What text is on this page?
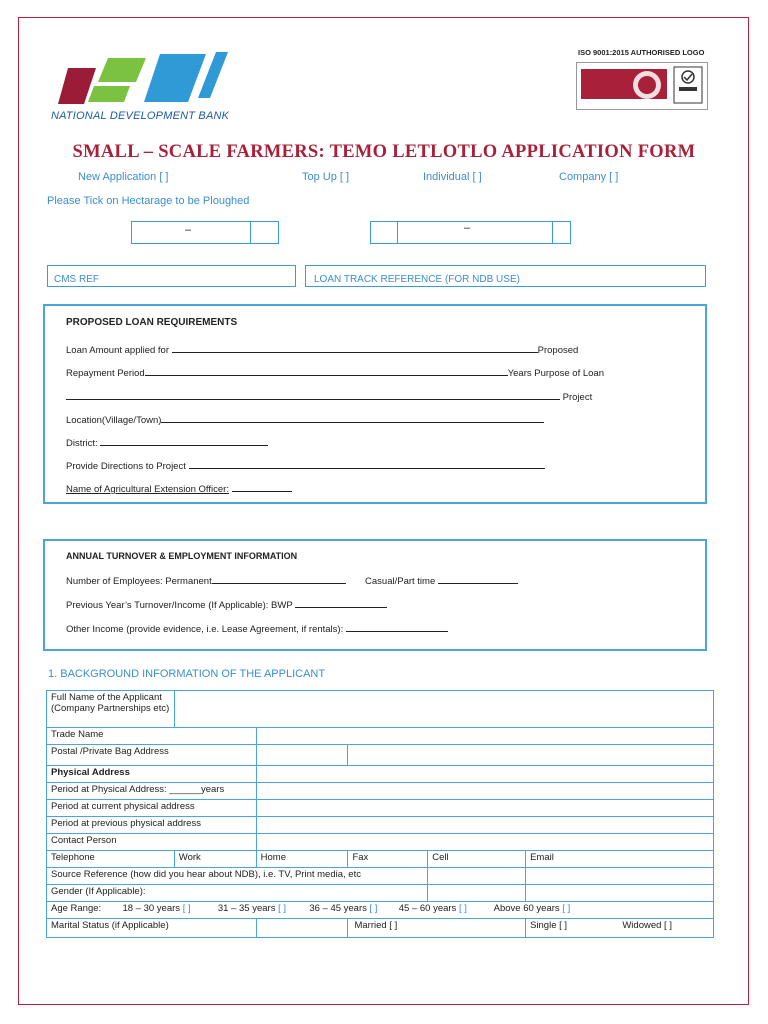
NATIONAL DEVELOPMENT BANK
ISO 9001:2015 AUTHORISED LOGO
SMALL – SCALE FARMERS: TEMO LETLOTLO APPLICATION FORM
New Application [ ]	Top Up [ ]	Individual [ ]	Company [ ]
Please Tick on Hectarage to be Ploughed
–	–
CMS REF	LOAN TRACK REFERENCE (FOR NDB USE)
PROPOSED LOAN REQUIREMENTS
Loan Amount applied for	Proposed
Repayment Period	Years Purpose of Loan
Project
Location(Village/Town)
District:
Provide Directions to Project
Name of Agricultural Extension Officer:
ANNUAL TURNOVER & EMPLOYMENT INFORMATION
Number of Employees: Permanent	Casual/Part time
Previous Year’s Turnover/Income (If Applicable): BWP
Other Income (provide evidence, i.e. Lease Agreement, if rentals):
1. BACKGROUND INFORMATION OF THE APPLICANT
Full Name of the Applicant (Company Partnerships etc)					
Trade Name					
Postal /Private Bag Address					
Physical Address					
Period at Physical Address: ______years					
Period at current physical address					
Period at previous physical address					
Contact Person					
Telephone	Work	Home	Fax	Cell	Email
Source Reference (how did you hear about NDB), i.e. TV, Print media, etc					
Gender (If Applicable):					
Age Range: 18 – 30 years [ ] 31 – 35 years [ ] 36 – 45 years [ ] 45 – 60 years [ ] Above 60 years [ ]					
Marital Status (if Applicable)			Married [ ]		Single [ ] Widowed [ ]
